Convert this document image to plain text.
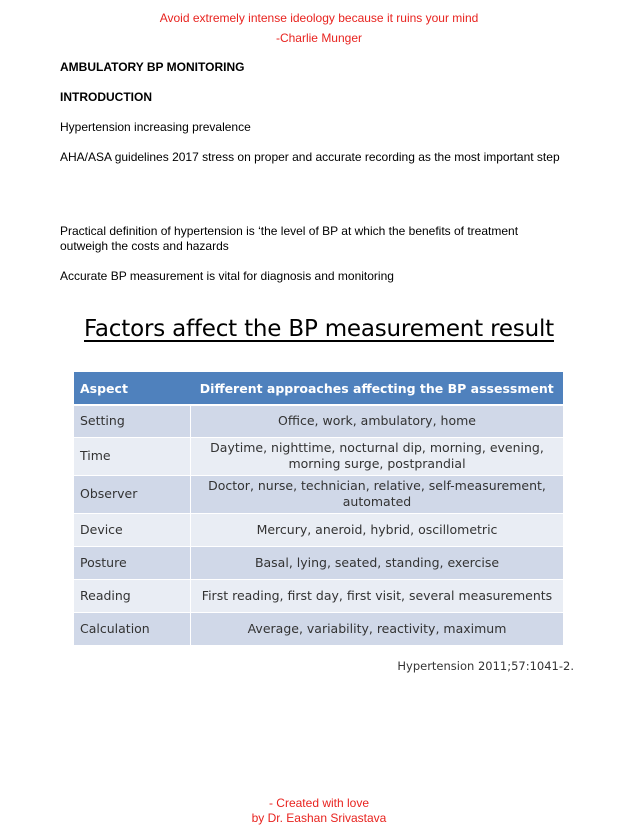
Avoid extremely intense ideology because it ruins your mind
-Charlie Munger
AMBULATORY BP MONITORING
INTRODUCTION
Hypertension increasing prevalence
AHA/ASA guidelines 2017 stress on proper and accurate recording as the most important step
Practical definition of hypertension is ‘the level of BP at which the benefits of treatment outweigh the costs and hazards
Accurate BP measurement is vital for diagnosis and monitoring
Factors affect the BP measurement result
Aspect	Different approaches affecting the BP assessment
Setting	Office, work, ambulatory, home
Time	Daytime, nighttime, nocturnal dip, morning, evening, morning surge, postprandial
Observer	Doctor, nurse, technician, relative, self-measurement, automated
Device	Mercury, aneroid, hybrid, oscillometric
Posture	Basal, lying, seated, standing, exercise
Reading	First reading, first day, first visit, several measurements
Calculation	Average, variability, reactivity, maximum
Hypertension 2011;57:1041-2.
- Created with love
by Dr. Eashan Srivastava
